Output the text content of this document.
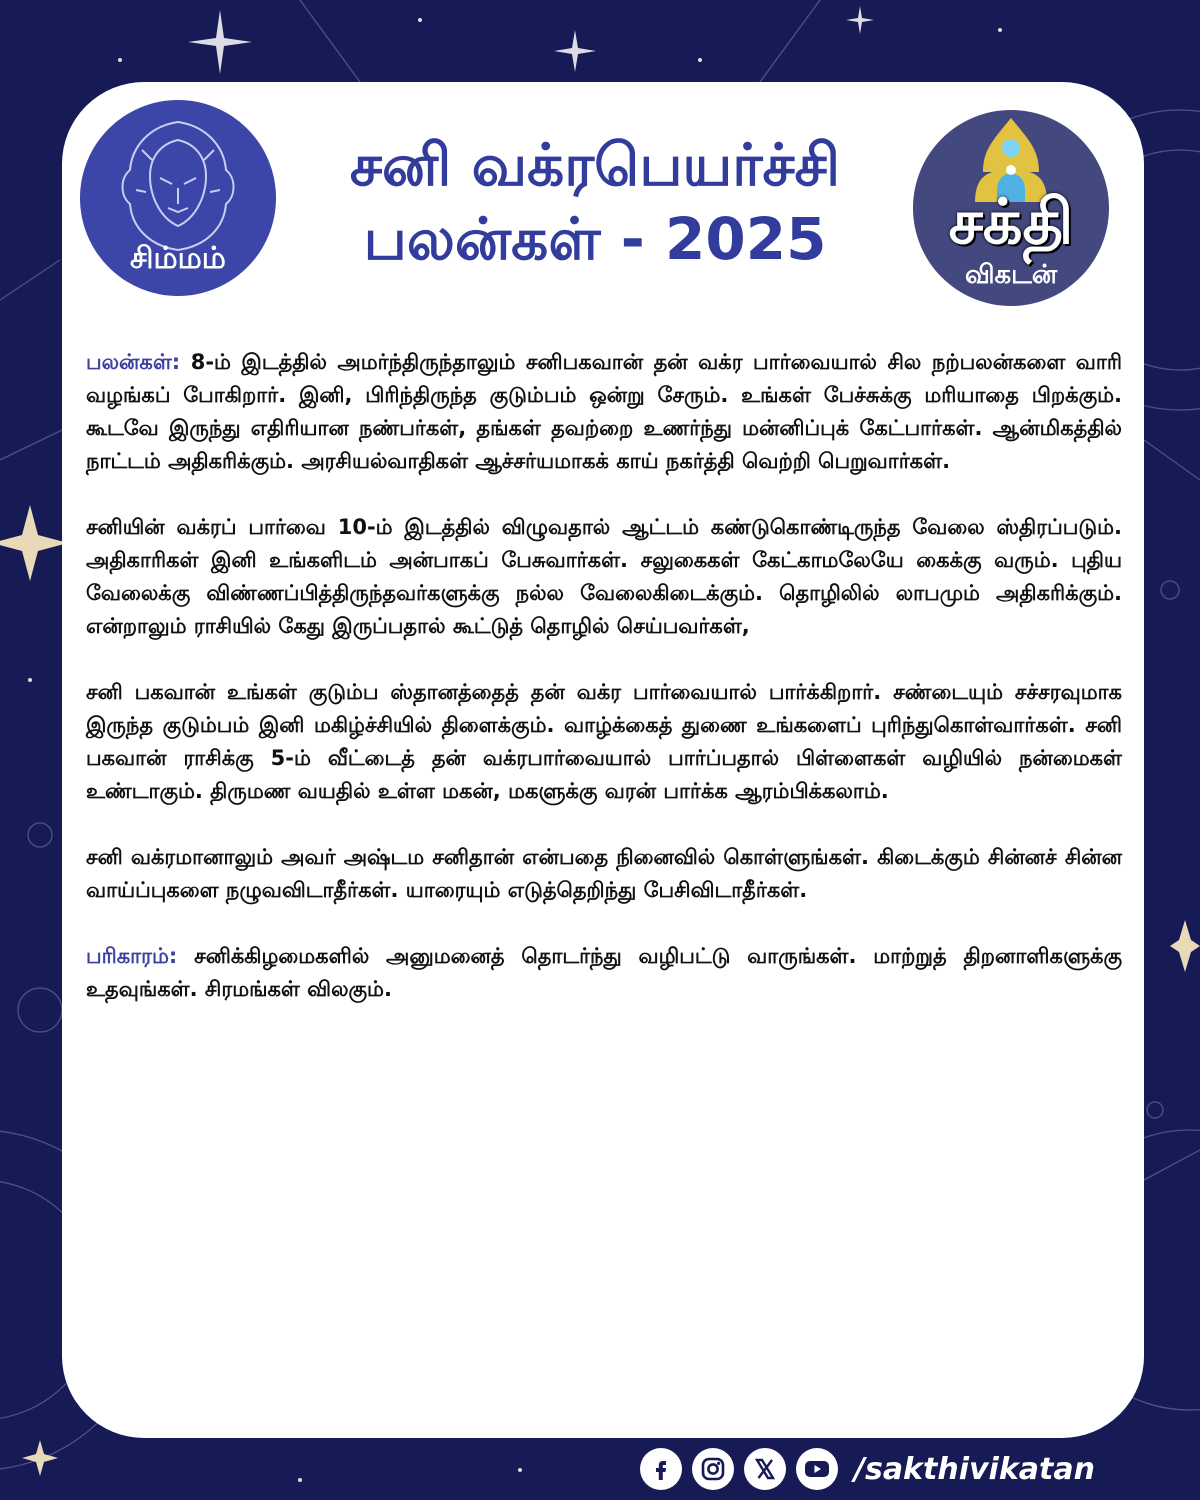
சிம்மம்
சனி வக்ரபெயர்ச்சி
பலன்கள் - 2025	சக்தி
விகடன்

பலன்கள்: 8-ம் இடத்தில் அமர்ந்திருந்தாலும் சனிபகவான் தன் வக்ர பார்வையால் சில நற்பலன்களை வாரி வழங்கப் போகிறார். இனி, பிரிந்திருந்த குடும்பம் ஒன்று சேரும். உங்கள் பேச்சுக்கு மரியாதை பிறக்கும். கூடவே இருந்து எதிரியான நண்பர்கள், தங்கள் தவற்றை உணர்ந்து மன்னிப்புக் கேட்பார்கள். ஆன்மிகத்தில் நாட்டம் அதிகரிக்கும். அரசியல்வாதிகள் ஆச்சர்யமாகக் காய் நகர்த்தி வெற்றி பெறுவார்கள்.

சனியின் வக்ரப் பார்வை 10-ம் இடத்தில் விழுவதால் ஆட்டம் கண்டுகொண்டிருந்த வேலை ஸ்திரப்படும். அதிகாரிகள் இனி உங்களிடம் அன்பாகப் பேசுவார்கள். சலுகைகள் கேட்காமலேயே கைக்கு வரும். புதிய வேலைக்கு விண்ணப்பித்திருந்தவர்களுக்கு நல்ல வேலைகிடைக்கும். தொழிலில் லாபமும் அதிகரிக்கும். என்றாலும் ராசியில் கேது இருப்பதால் கூட்டுத் தொழில் செய்பவர்கள்,

சனி பகவான் உங்கள் குடும்ப ஸ்தானத்தைத் தன் வக்ர பார்வையால் பார்க்கிறார். சண்டையும் சச்சரவுமாக இருந்த குடும்பம் இனி மகிழ்ச்சியில் திளைக்கும். வாழ்க்கைத் துணை உங்களைப் புரிந்துகொள்வார்கள். சனி பகவான் ராசிக்கு 5-ம் வீட்டைத் தன் வக்ரபார்வையால் பார்ப்பதால் பிள்ளைகள் வழியில் நன்மைகள் உண்டாகும். திருமண வயதில் உள்ள மகன், மகளுக்கு வரன் பார்க்க ஆரம்பிக்கலாம்.

சனி வக்ரமானாலும் அவர் அஷ்டம சனிதான் என்பதை நினைவில் கொள்ளுங்கள். கிடைக்கும் சின்னச் சின்ன வாய்ப்புகளை நழுவவிடாதீர்கள். யாரையும் எடுத்தெறிந்து பேசிவிடாதீர்கள்.

பரிகாரம்: சனிக்கிழமைகளில் அனுமனைத் தொடர்ந்து வழிபட்டு வாருங்கள். மாற்றுத் திறனாளிகளுக்கு உதவுங்கள். சிரமங்கள் விலகும்.

/sakthivikatan
